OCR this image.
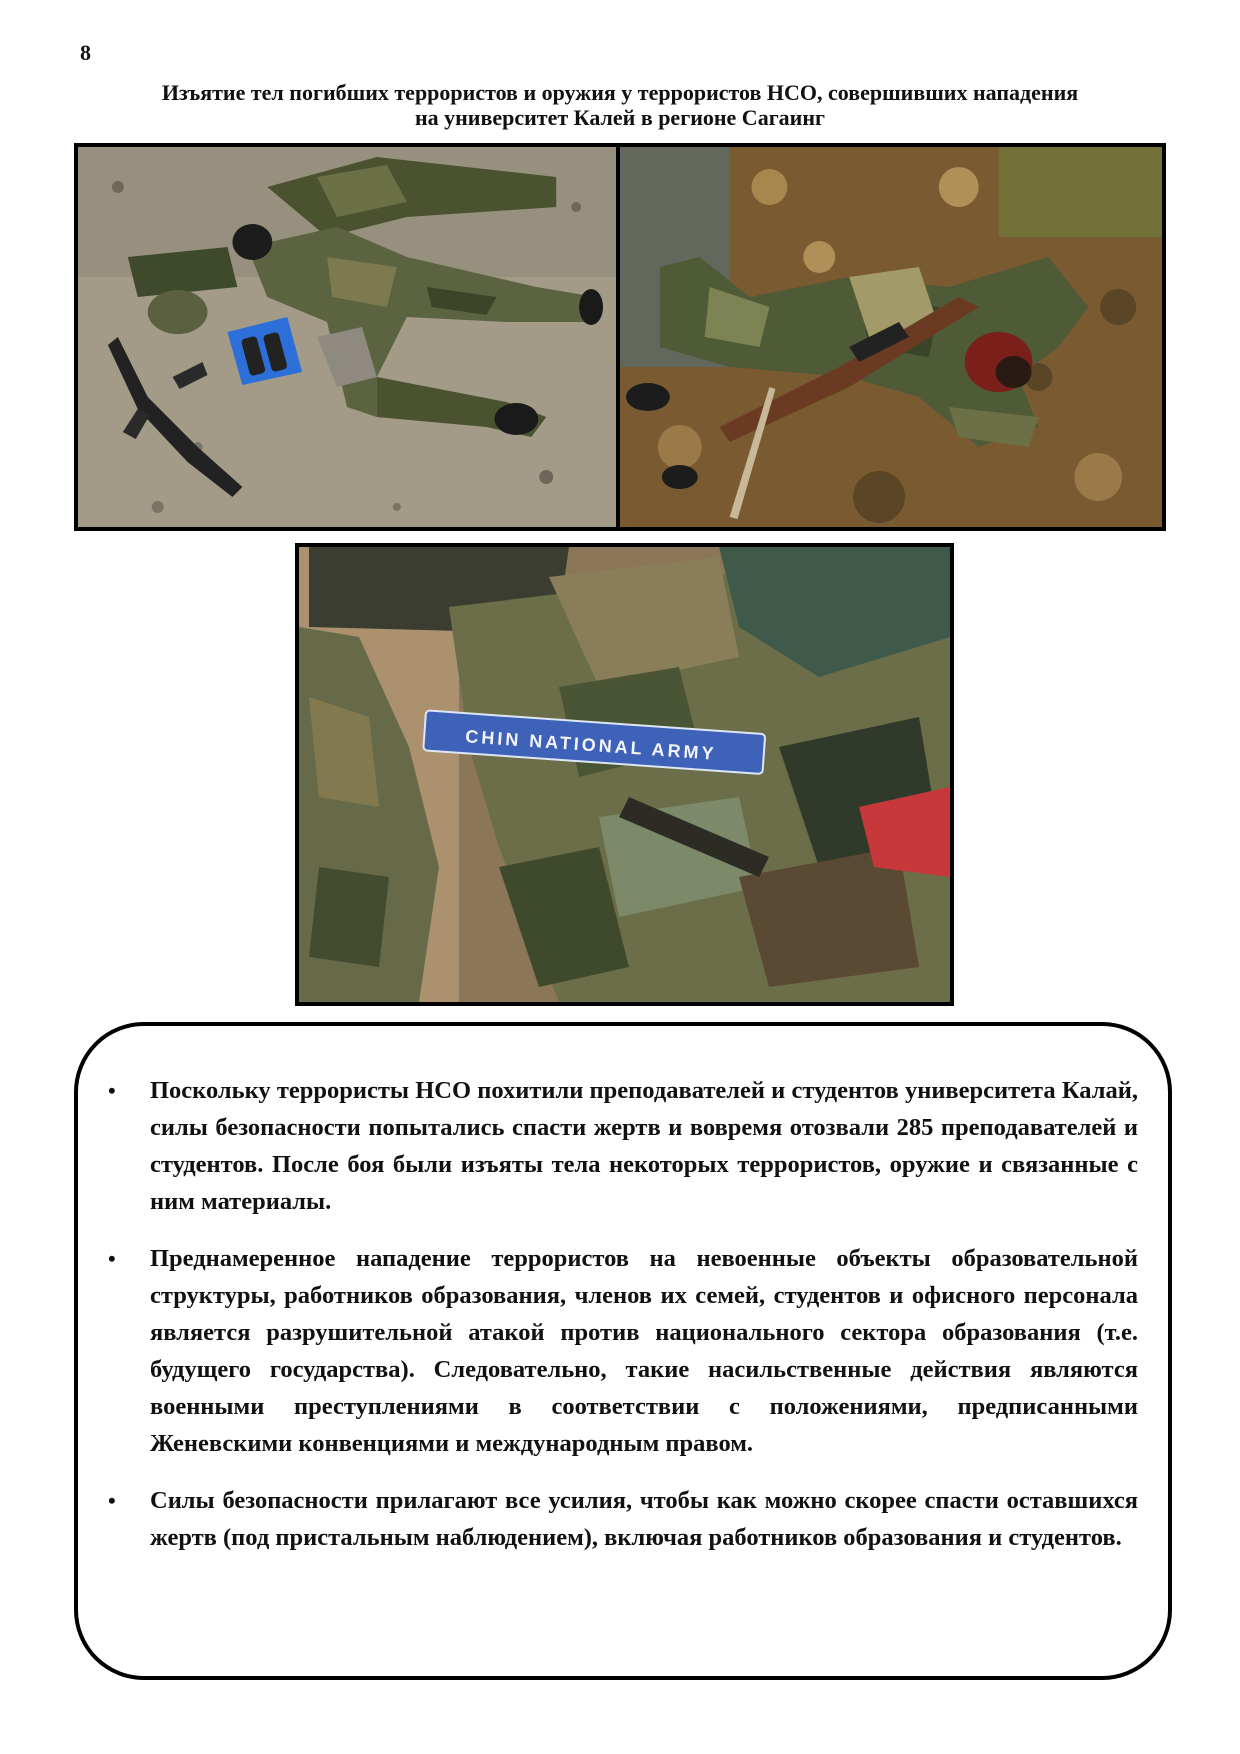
8
Изъятие тел погибших террористов и оружия у террористов НСО, совершивших нападения
на университет Калей в регионе Сагаинг
CHIN NATIONAL ARMY
• Поскольку террористы НСО похитили преподавателей и студентов университета Калай, силы безопасности попытались спасти жертв и вовремя отозвали 285 преподавателей и студентов. После боя были изъяты тела некоторых террористов, оружие и связанные с ним материалы.
• Преднамеренное нападение террористов на невоенные объекты образовательной структуры, работников образования, членов их семей, студентов и офисного персонала является разрушительной атакой против национального сектора образования (т.е. будущего государства). Следовательно, такие насильственные действия являются военными преступлениями в соответствии с положениями, предписанными Женевскими конвенциями и международным правом.
• Силы безопасности прилагают все усилия, чтобы как можно скорее спасти оставшихся жертв (под пристальным наблюдением), включая работников образования и студентов.
